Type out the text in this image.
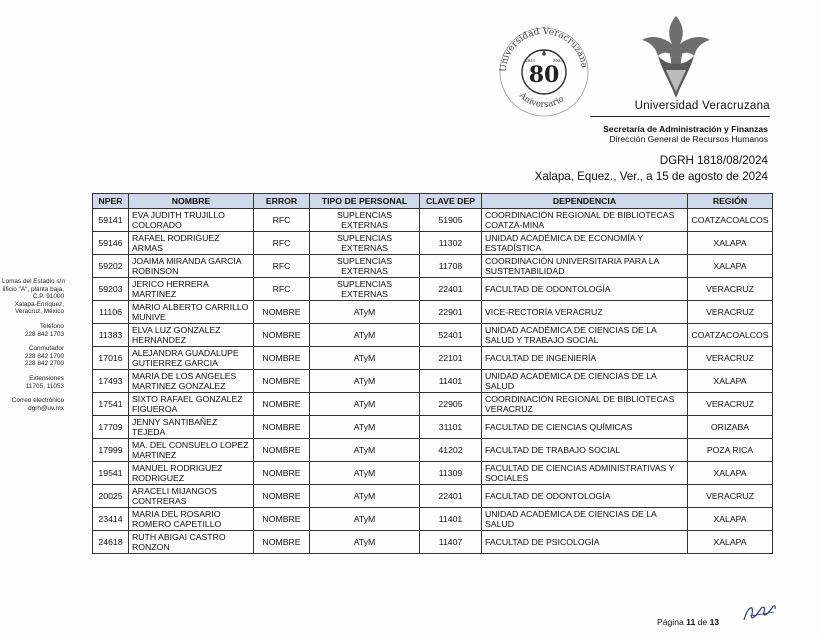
Universidad Veracruzana
Aniversario
80
1944	2024
Universidad Veracruzana
Secretaría de Administración y Finanzas
Dirección General de Recursos Humanos
DGRH 1818/08/2024
Xalapa, Equez., Ver., a 15 de agosto de 2024
Lomas del Estadio s/n
lificio "A", planta baja,
C.P. 91000
Xalapa-Enríquez,
Veracruz, México
Teléfono
228 842 1703
Conmutador
228 842 1700
228 842 2700
Extensiones
11705, 11053
Correo electrónico
dgrh@uv.mx
NPER	NOMBRE	ERROR	TIPO DE PERSONAL	CLAVE DEP	DEPENDENCIA	REGIÓN
59141	EVA JUDITH TRUJILLO COLORADO	RFC	SUPLENCIAS EXTERNAS	51905	COORDINACIÓN REGIONAL DE BIBLIOTECAS COATZA-MINA	COATZACOALCOS
59146	RAFAEL RODRIGUEZ ARMAS	RFC	SUPLENCIAS EXTERNAS	11302	UNIDAD ACADÉMICA DE ECONOMÍA Y ESTADÍSTICA	XALAPA
59202	JOAIMA MIRANDA GARCIA ROBINSON	RFC	SUPLENCIAS EXTERNAS	11708	COORDINACIÓN UNIVERSITARIA PARA LA SUSTENTABILIDAD	XALAPA
59203	JERICO HERRERA MARTINEZ	RFC	SUPLENCIAS EXTERNAS	22401	FACULTAD DE ODONTOLOGÍA	VERACRUZ
11106	MARIO ALBERTO CARRILLO MUNIVE	NOMBRE	ATyM	22901	VICE-RECTORÍA VERACRUZ	VERACRUZ
11383	ELVA LUZ GONZALEZ HERNANDEZ	NOMBRE	ATyM	52401	UNIDAD ACADÉMICA DE CIENCIAS DE LA SALUD Y TRABAJO SOCIAL	COATZACOALCOS
17016	ALEJANDRA GUADALUPE GUTIERREZ GARCIA	NOMBRE	ATyM	22101	FACULTAD DE INGENIERÍA	VERACRUZ
17493	MARIA DE LOS ANGELES MARTINEZ GONZALEZ	NOMBRE	ATyM	11401	UNIDAD ACADÉMICA DE CIENCIAS DE LA SALUD	XALAPA
17541	SIXTO RAFAEL GONZALEZ FIGUEROA	NOMBRE	ATyM	22905	COORDINACIÓN REGIONAL DE BIBLIOTECAS VERACRUZ	VERACRUZ
17709	JENNY SANTIBAÑEZ TEJEDA	NOMBRE	ATyM	31101	FACULTAD DE CIENCIAS QUÍMICAS	ORIZABA
17999	MA. DEL CONSUELO LOPEZ MARTINEZ	NOMBRE	ATyM	41202	FACULTAD DE TRABAJO SOCIAL	POZA RICA
19541	MANUEL RODRIGUEZ RODRIGUEZ	NOMBRE	ATyM	11309	FACULTAD DE CIENCIAS ADMINISTRATIVAS Y SOCIALES	XALAPA
20025	ARACELI MIJANGOS CONTRERAS	NOMBRE	ATyM	22401	FACULTAD DE ODONTOLOGÍA	VERACRUZ
23414	MARIA DEL ROSARIO ROMERO CAPETILLO	NOMBRE	ATyM	11401	UNIDAD ACADÉMICA DE CIENCIAS DE LA SALUD	XALAPA
24618	RUTH ABIGAI CASTRO RONZON	NOMBRE	ATyM	11407	FACULTAD DE PSICOLOGÍA	XALAPA
Página 11 de 13
